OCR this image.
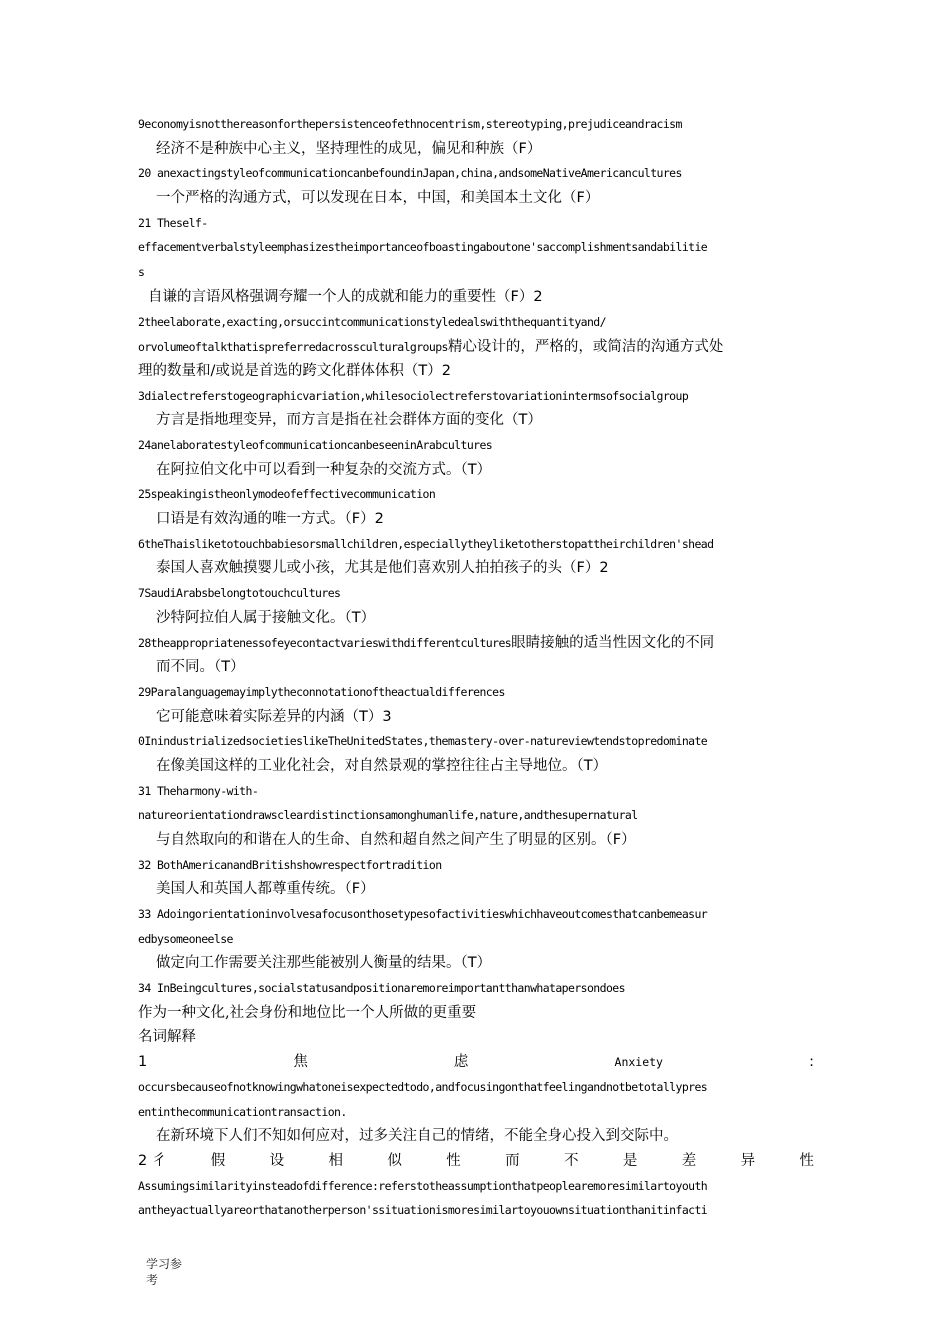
9economyisnotthereasonforthepersistenceofethnocentrism,stereotyping,prejudiceandracism
经济不是种族中心主义，坚持理性的成见，偏见和种族（F）
20 anexactingstyleofcommunicationcanbefoundinJapan,china,andsomeNativeAmericancultures
一个严格的沟通方式，可以发现在日本，中国，和美国本土文化（F）
21 Theself-
effacementverbalstyleemphasizestheimportanceofboastingaboutone'saccomplishmentsandabilitie
s
自谦的言语风格强调夸耀一个人的成就和能力的重要性（F）2
2theelaborate,exacting,orsuccintcommunicationstyledealswiththequantityand/
orvolumeoftalkthatispreferredacrossculturalgroups精心设计的，严格的，或简洁的沟通方式处
理的数量和/或说是首选的跨文化群体体积（T）2
3dialectreferstogeographicvariation,whilesociolectreferstovariationintermsofsocialgroup
方言是指地理变异，而方言是指在社会群体方面的变化（T）
24anelaboratestyleofcommunicationcanbeseeninArabcultures
在阿拉伯文化中可以看到一种复杂的交流方式。（T）
25speakingistheonlymodeofeffectivecommunication
口语是有效沟通的唯一方式。（F）2
6theThaisliketotouchbabiesorsmallchildren,especiallytheyliketotherstopattheirchildren'shead
泰国人喜欢触摸婴儿或小孩，尤其是他们喜欢别人拍拍孩子的头（F）2
7SaudiArabsbelongtotouchcultures
沙特阿拉伯人属于接触文化。（T）
28theappropriatenessofeyecontactvarieswithdifferentcultures眼睛接触的适当性因文化的不同
而不同。（T）
29Paralanguagemayimplytheconnotationoftheactualdifferences
它可能意味着实际差异的内涵（T）3
0InindustrializedsocietieslikeTheUnitedStates,themastery-over-natureviewtendstopredominate
在像美国这样的工业化社会，对自然景观的掌控往往占主导地位。（T）
31 Theharmony-with-
natureorientationdrawscleardistinctionsamonghumanlife,nature,andthesupernatural
与自然取向的和谐在人的生命、自然和超自然之间产生了明显的区别。（F）
32 BothAmericanandBritishshowrespectfortradition
美国人和英国人都尊重传统。（F）
33 Adoingorientationinvolvesafocusonthosetypesofactivitieswhichhaveoutcomesthatcanbemeasur
edbysomeoneelse
做定向工作需要关注那些能被别人衡量的结果。（T）
34 InBeingcultures,socialstatusandpositionaremoreimportantthanwhatapersondoes
作为一种文化,社会身份和地位比一个人所做的更重要
名词解释
1	焦	虑	Anxiety	:
occursbecauseofnotknowingwhatoneisexpectedtodo,andfocusingonthatfeelingandnotbetotallypres
entinthecommunicationtransaction.
在新环境下人们不知如何应对，过多关注自己的情绪，不能全身心投入到交际中。
2 彳	假	设	相	似	性	而	不	是	差	异	性
Assumingsimilarityinsteadofdifference:referstotheassumptionthatpeoplearemoresimilartoyouth
antheyactuallyareorthatanotherperson'ssituationismoresimilartoyouownsituationthanitinfacti
学习参
考
